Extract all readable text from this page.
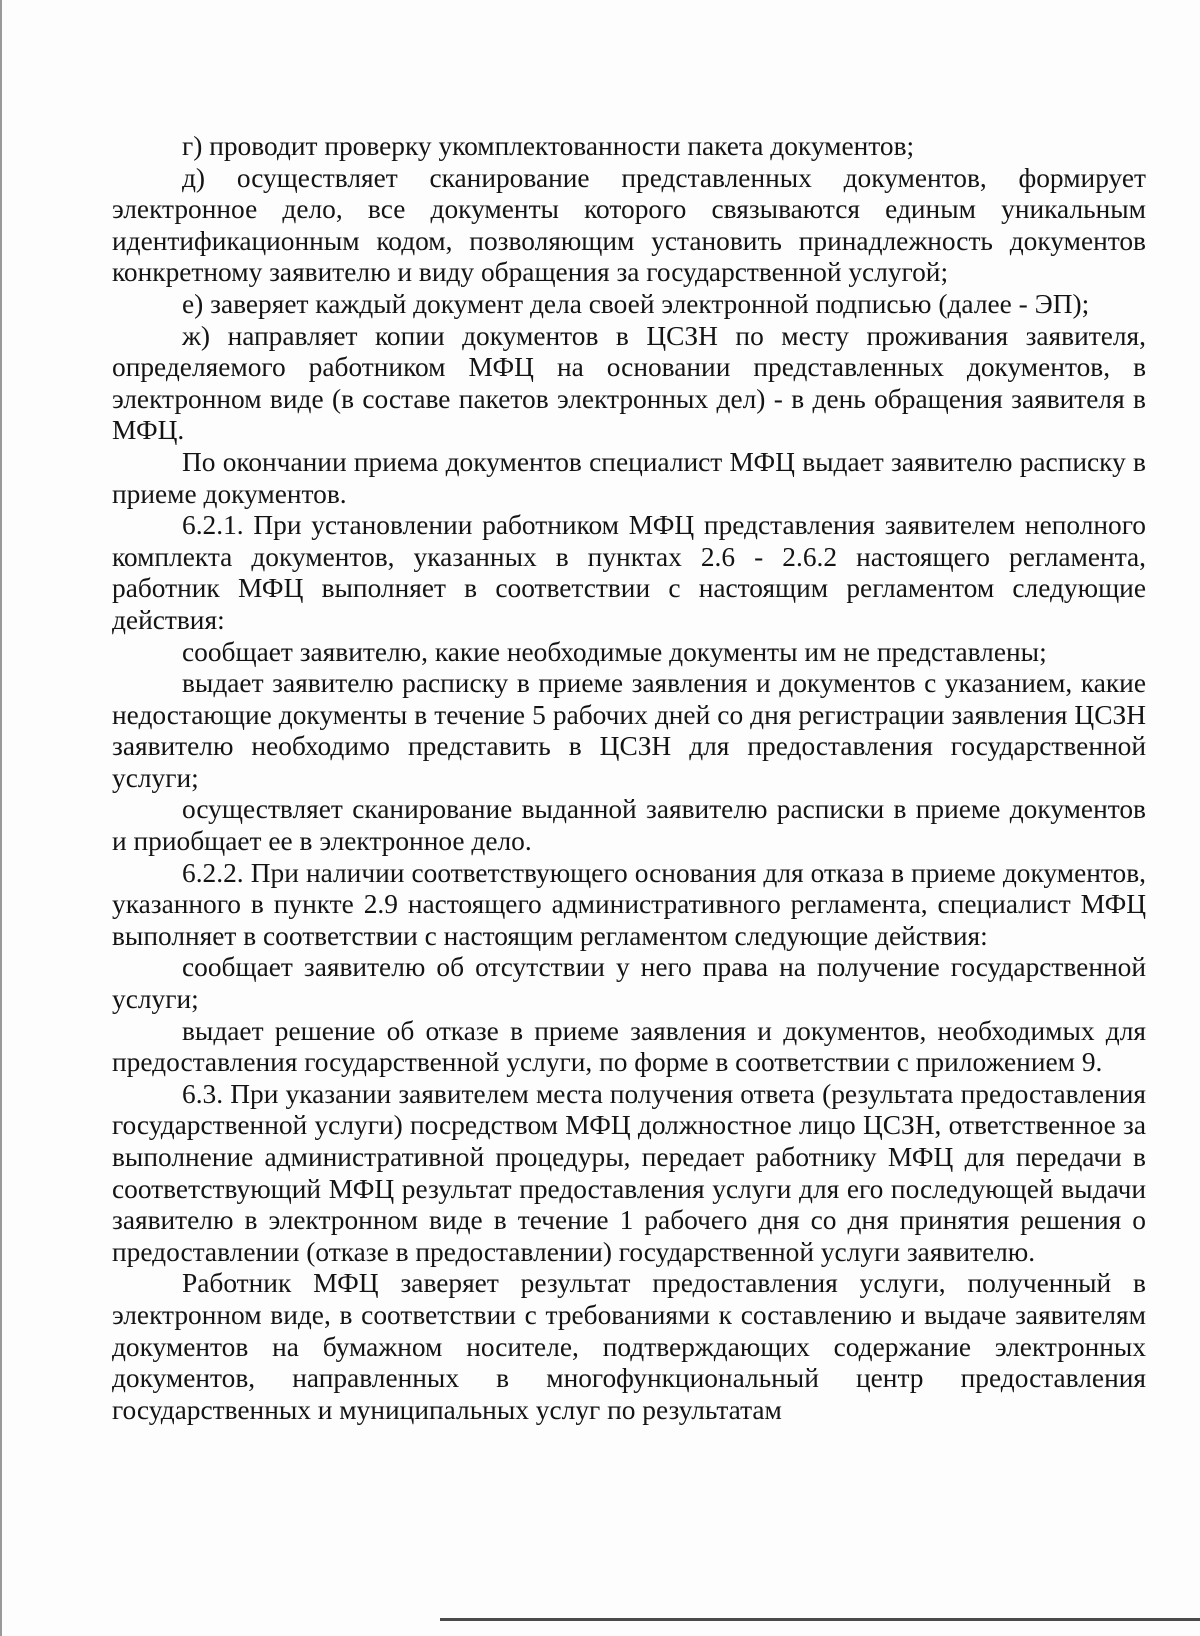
г) проводит проверку укомплектованности пакета документов;

д) осуществляет сканирование представленных документов, формирует электронное дело, все документы которого связываются единым уникальным идентификационным кодом, позволяющим установить принадлежность документов конкретному заявителю и виду обращения за государственной услугой;

е) заверяет каждый документ дела своей электронной подписью (далее - ЭП);

ж) направляет копии документов в ЦСЗН по месту проживания заявителя, определяемого работником МФЦ на основании представленных документов, в электронном виде (в составе пакетов электронных дел) - в день обращения заявителя в МФЦ.

По окончании приема документов специалист МФЦ выдает заявителю расписку в приеме документов.

6.2.1. При установлении работником МФЦ представления заявителем неполного комплекта документов, указанных в пунктах 2.6 - 2.6.2 настоящего регламента, работник МФЦ выполняет в соответствии с настоящим регламентом следующие действия:

сообщает заявителю, какие необходимые документы им не представлены;

выдает заявителю расписку в приеме заявления и документов с указанием, какие недостающие документы в течение 5 рабочих дней со дня регистрации заявления ЦСЗН заявителю необходимо представить в ЦСЗН для предоставления государственной услуги;

осуществляет сканирование выданной заявителю расписки в приеме документов и приобщает ее в электронное дело.

6.2.2. При наличии соответствующего основания для отказа в приеме документов, указанного в пункте 2.9 настоящего административного регламента, специалист МФЦ выполняет в соответствии с настоящим регламентом следующие действия:

сообщает заявителю об отсутствии у него права на получение государственной услуги;

выдает решение об отказе в приеме заявления и документов, необходимых для предоставления государственной услуги, по форме в соответствии с приложением 9.

6.3. При указании заявителем места получения ответа (результата предоставления государственной услуги) посредством МФЦ должностное лицо ЦСЗН, ответственное за выполнение административной процедуры, передает работнику МФЦ для передачи в соответствующий МФЦ результат предоставления услуги для его последующей выдачи заявителю в электронном виде в течение 1 рабочего дня со дня принятия решения о предоставлении (отказе в предоставлении) государственной услуги заявителю.

Работник МФЦ заверяет результат предоставления услуги, полученный в электронном виде, в соответствии с требованиями к составлению и выдаче заявителям документов на бумажном носителе, подтверждающих содержание электронных документов, направленных в многофункциональный центр предоставления государственных и муниципальных услуг по результатам
